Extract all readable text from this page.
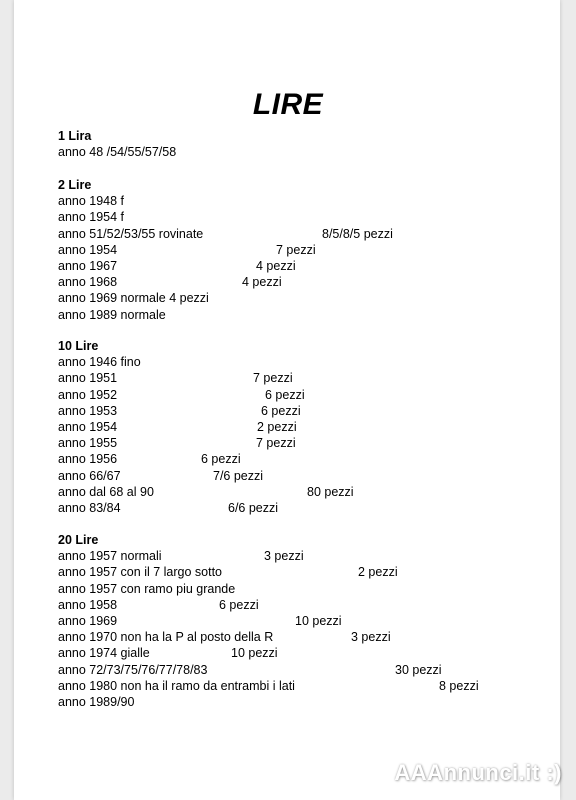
LIRE
1 Lira
anno 48 /54/55/57/58
2 Lire
anno 1948 f
anno 1954 f
anno 51/52/53/55 rovinate	8/5/8/5 pezzi
anno 1954	7 pezzi
anno 1967	4 pezzi
anno 1968	4 pezzi
anno 1969 normale 4 pezzi
anno 1989 normale
10 Lire
anno 1946 fino
anno 1951	7 pezzi
anno 1952	6 pezzi
anno 1953	6 pezzi
anno 1954	2 pezzi
anno 1955	7 pezzi
anno 1956	6 pezzi
anno 66/67	7/6 pezzi
anno dal 68 al 90	80 pezzi
anno 83/84	6/6 pezzi
20 Lire
anno 1957 normali	3 pezzi
anno 1957 con il 7 largo sotto	2 pezzi
anno 1957 con ramo piu grande
anno 1958	6 pezzi
anno 1969	10 pezzi
anno 1970 non ha la P al posto della R	3 pezzi
anno 1974 gialle	10 pezzi
anno 72/73/75/76/77/78/83	30 pezzi
anno 1980 non ha il ramo da entrambi i lati	8 pezzi
anno 1989/90
AAAnnunci.it :)
